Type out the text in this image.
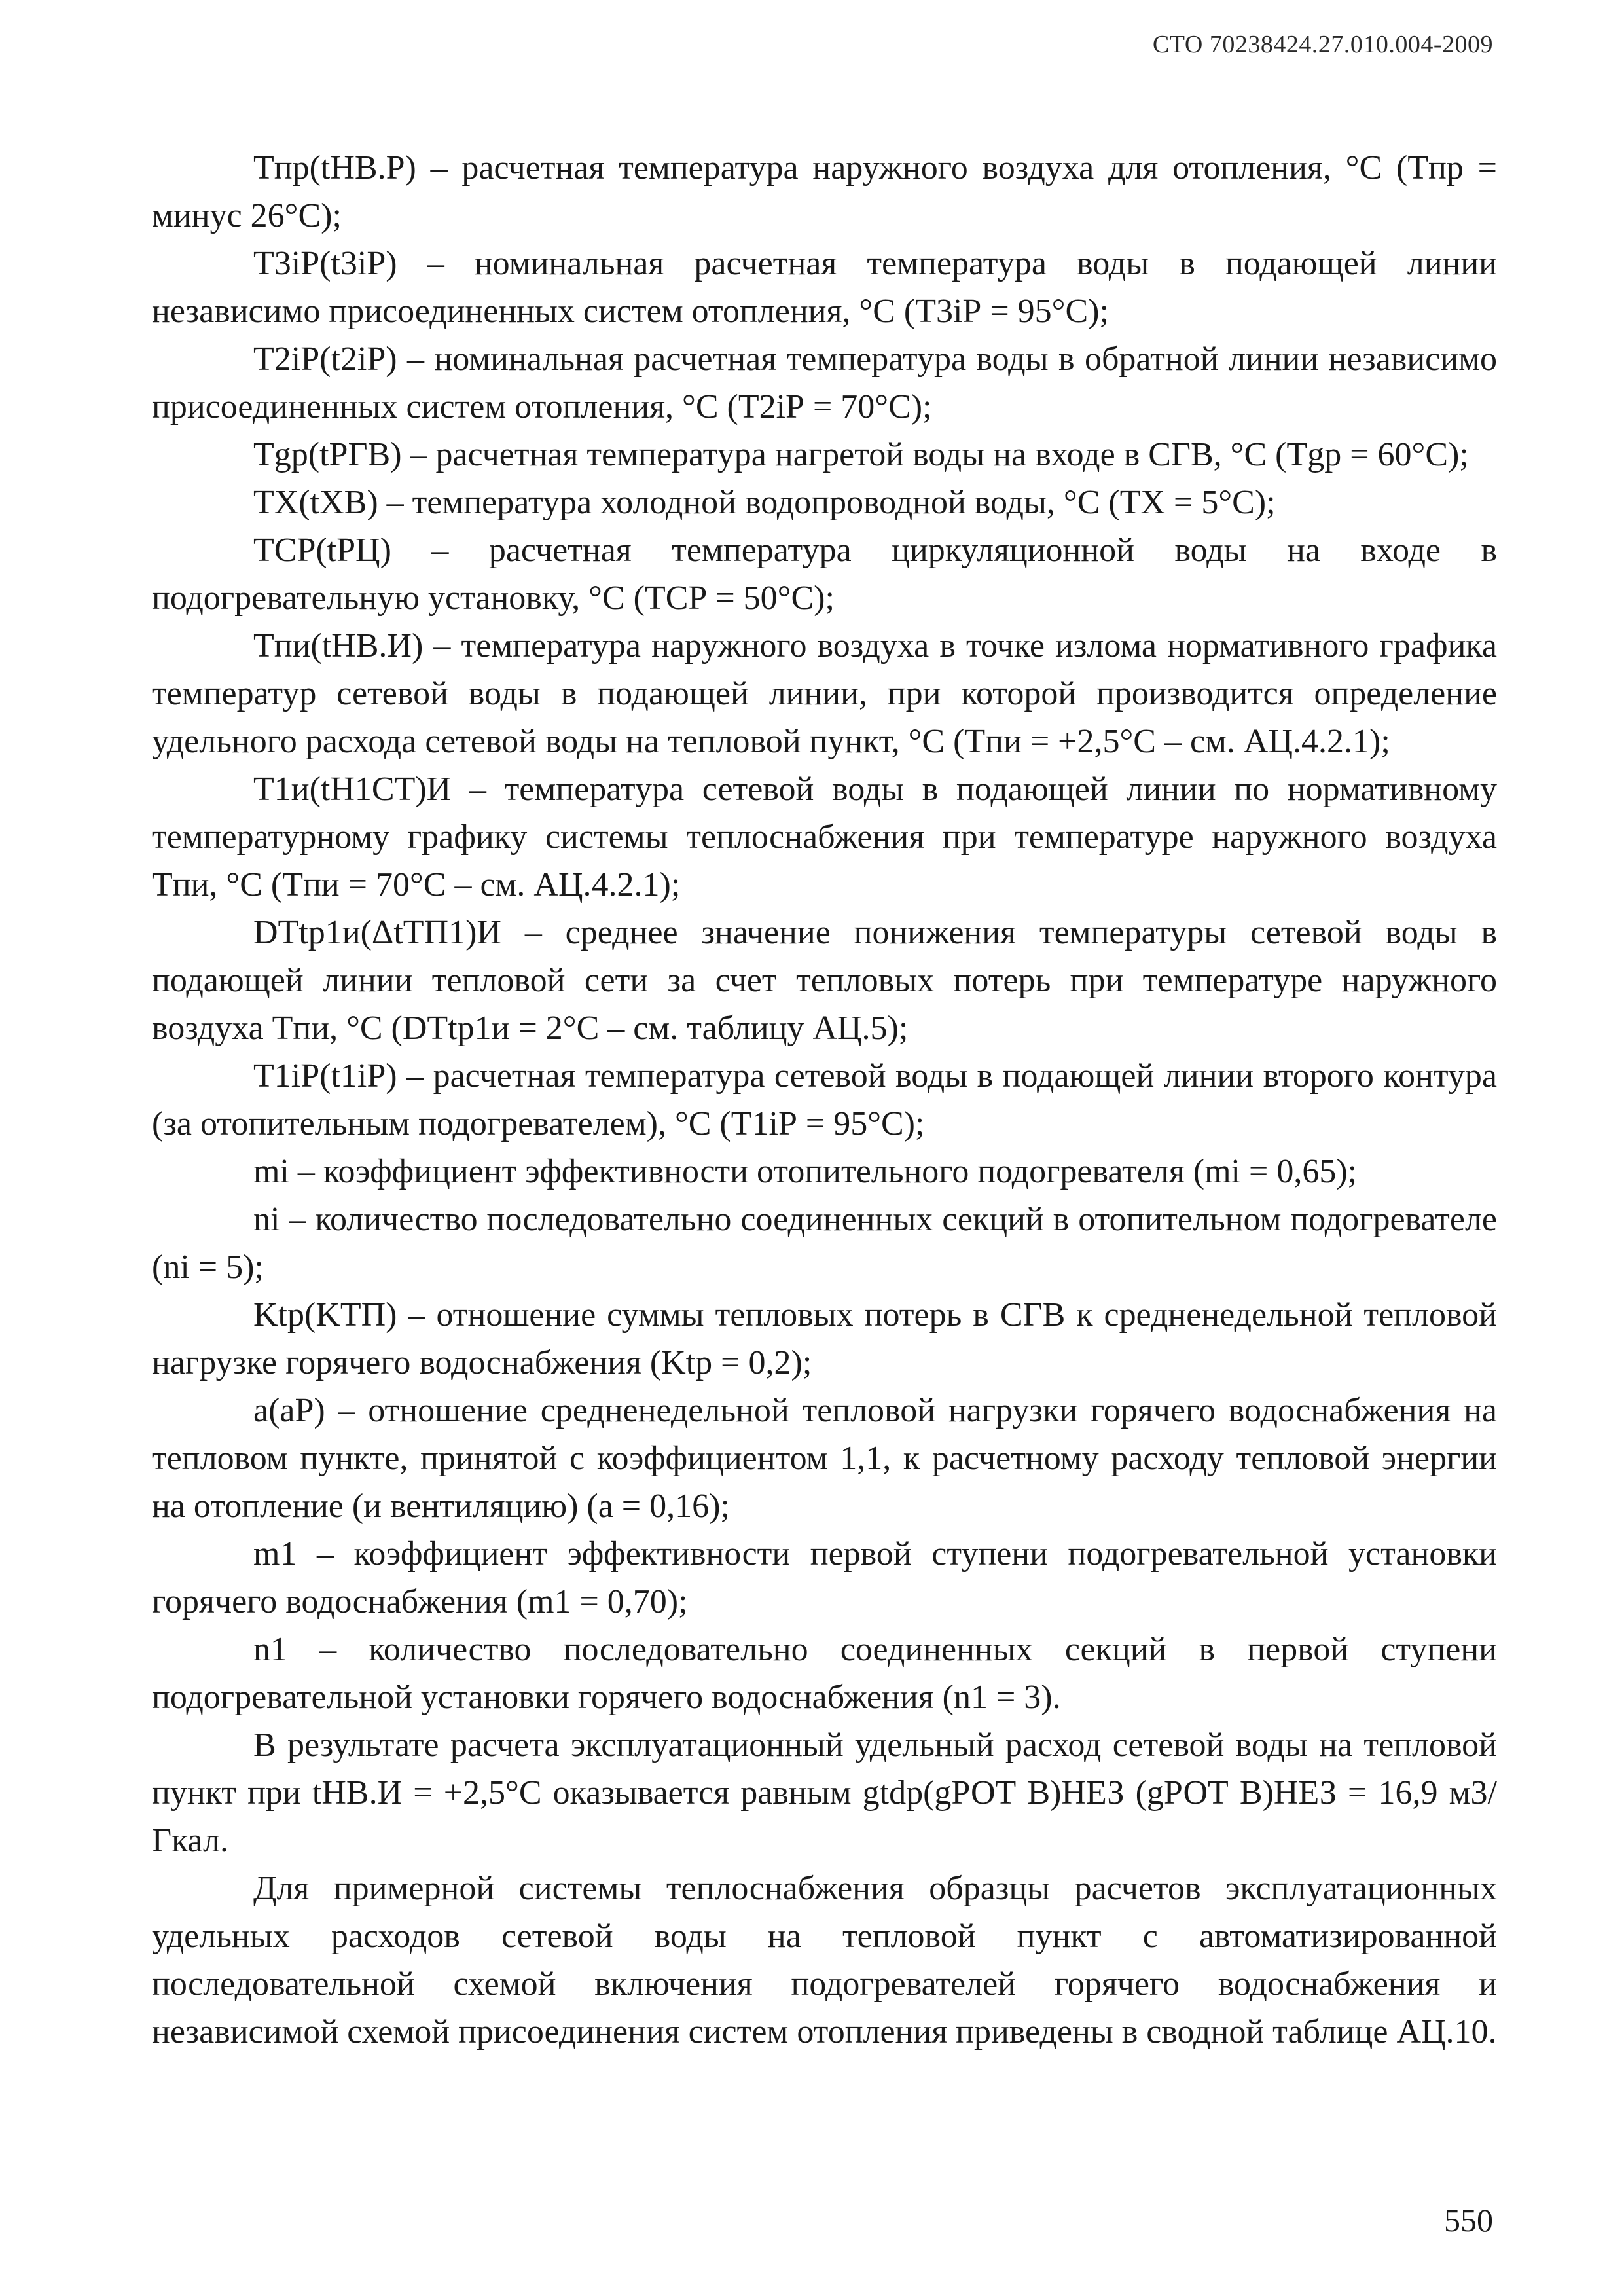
СТО 70238424.27.010.004-2009

Tпр(tНВ.Р) – расчетная температура наружного воздуха для отопления, °С (Tпр = минус 26°С);

T3iР(t3iР) – номинальная расчетная температура воды в подающей линии независимо присоединенных систем отопления, °С (T3iР = 95°С);

T2iР(t2iР) – номинальная расчетная температура воды в обратной линии независимо присоединенных систем отопления, °С (T2iР = 70°С);

Tgр(tРГВ) – расчетная температура нагретой воды на входе в СГВ, °С (Tgр = 60°С);

TX(tXВ) – температура холодной водопроводной воды, °С (TX = 5°С);

TСР(tРЦ) – расчетная температура циркуляционной воды на входе в подогревательную установку, °С (TСР = 50°С);

Tпи(tНВ.И) – температура наружного воздуха в точке излома нормативного графика температур сетевой воды в подающей линии, при которой производится определение удельного расхода сетевой воды на тепловой пункт, °С (Tпи = +2,5°С – см. АЦ.4.2.1);

T1и(tН1СТ)И – температура сетевой воды в подающей линии по нормативному температурному графику системы теплоснабжения при температуре наружного воздуха Tпи, °С (Tпи = 70°С – см. АЦ.4.2.1);

DTtр1и(ΔtТП1)И – среднее значение понижения температуры сетевой воды в подающей линии тепловой сети за счет тепловых потерь при температуре наружного воздуха Tпи, °С (DTtр1и = 2°С – см. таблицу АЦ.5);

T1iР(t1iР) – расчетная температура сетевой воды в подающей линии второго контура (за отопительным подогревателем), °С (T1iР = 95°С);

mi – коэффициент эффективности отопительного подогревателя (mi = 0,65);

ni – количество последовательно соединенных секций в отопительном подогревателе (ni = 5);

Ktр(KТП) – отношение суммы тепловых потерь в СГВ к средненедельной тепловой нагрузке горячего водоснабжения (Ktр = 0,2);

a(aР) – отношение средненедельной тепловой нагрузки горячего водоснабжения на тепловом пункте, принятой с коэффициентом 1,1, к расчетному расходу тепловой энергии на отопление (и вентиляцию) (a = 0,16);

m1 – коэффициент эффективности первой ступени подогревательной установки горячего водоснабжения (m1 = 0,70);

n1 – количество последовательно соединенных секций в первой ступени подогревательной установки горячего водоснабжения (n1 = 3).

В результате расчета эксплуатационный удельный расход сетевой воды на тепловой пункт при tНВ.И = +2,5°С оказывается равным gtdp(gРОТ В)НЕЗ (gРОТ В)НЕЗ = 16,9 м3/Гкал.

Для примерной системы теплоснабжения образцы расчетов эксплуатационных удельных расходов сетевой воды на тепловой пункт с автоматизированной последовательной схемой включения подогревателей горячего водоснабжения и независимой схемой присоединения систем отопления приведены в сводной таблице АЦ.10.

550
